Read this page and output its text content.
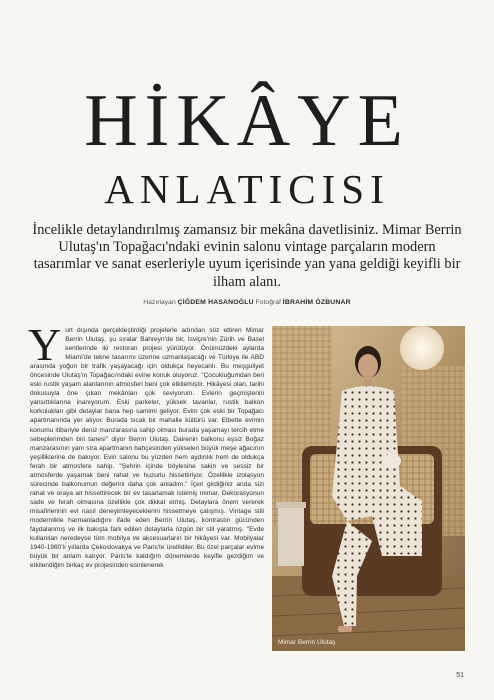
HİKÂYE
ANLATICISI

İncelikle detaylandırılmış zamansız bir mekâna davetlisiniz. Mimar Berrin Ulutaş'ın Topağacı'ndaki evinin salonu vintage parçaların modern tasarımlar ve sanat eserleriyle uyum içerisinde yan yana geldiği keyifli bir ilham alanı.

Hazırlayan ÇİĞDEM HASANOĞLU Fotoğraf İBRAHİM ÖZBUNAR

Yurt dışında gerçekleştirdiği projelerle adından söz ettiren Mimar Berrin Ulutaş, şu sıralar Bahreyn'de bir, İsviçre'nin Zürih ve Basel kentlerinde iki restoran projesi yürütüyor. Önümüzdeki aylarda Miami'de tekne tasarımı üzerine uzmanlaşacağı ve Türkiye ile ABD arasında yoğun bir trafik yaşayacağı için oldukça heyecanlı. Bu meşguliyet öncesinde Ulutaş'ın Topağacı'ndaki evine konuk oluyoruz. "Çocukluğumdan beri eski rustik yaşam alanlarının atmosferi beni çok etkilemiştir. Hikâyesi olan, tarihi dokusuyla öne çıkan mekânları çok seviyorum. Evlerin geçmişlerini yansıttıklarına inanıyorum. Eski parkeler, yüksek tavanlar, rustik balkon korkulukları gibi detaylar bana hep samimi geliyor. Evim çok eski bir Topağacı apartmanında yer alıyor. Burada sıcak bir mahalle kültürü var. Elbette evimin konumu itibariyle deniz manzarasına sahip olması burada yaşamayı tercih etme sebeplerimden biri tanesi" diyor Berrin Ulutaş. Dairenin balkonu eşsiz Boğaz manzarasının yanı sıra apartmanın bahçesinden yükselen büyük meşe ağacının yeşilliklerine de bakıyor. Evin salonu bu yüzden hem aydınlık hem de oldukça ferah bir atmosfere sahip. "Şehrin içinde böylesine sakin ve sessiz bir atmosferde yaşamak beni rahat ve huzurlu hissettiriyor. Özellikle izolasyon sürecinde balkonumun değerini daha çok anladım." İçeri girdiğiniz anda sizi rahat ve oraya ait hissettirecek bir ev tasarlamak istemiş mimar. Dekorasyonun sade ve ferah olmasına özellikle çok dikkat etmiş. Detaylara önem vererek misafirlerinin evi nasıl deneyimleyeceklerini hissetmeye çalışmış. Vintage stili modernlikle harmanladığını ifade eden Berrin Ulutaş, kontrastın gücünden faydalanmış ve ilk bakışta fark edilen detaylarla özgün bir stil yaratmış. "Evde kullanılan neredeyse tüm mobilya ve aksesuarların bir hikâyesi var. Mobilyalar 1940-1960'lı yıllarda Çekoslovakya ve Paris'te üretildiler. Bu özel parçalar evime büyük bir anlam katıyor. Paris'te kaldığım dönemlerde keyifle gezdiğim ve etkilendiğim birkaç ev projesinden esinlenerek

Mimar Berrin Ulutaş
51
